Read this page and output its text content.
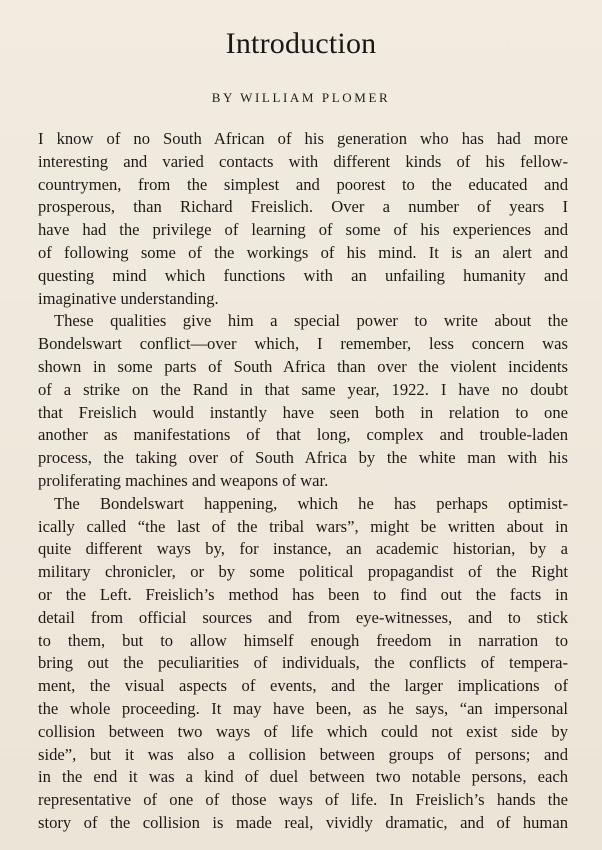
Introduction
BY WILLIAM PLOMER
I know of no South African of his generation who has had more
interesting and varied contacts with different kinds of his fellow-
countrymen, from the simplest and poorest to the educated and
prosperous, than Richard Freislich. Over a number of years I
have had the privilege of learning of some of his experiences and
of following some of the workings of his mind. It is an alert and
questing mind which functions with an unfailing humanity and
imaginative understanding.
These qualities give him a special power to write about the
Bondelswart conflict—over which, I remember, less concern was
shown in some parts of South Africa than over the violent incidents
of a strike on the Rand in that same year, 1922. I have no doubt
that Freislich would instantly have seen both in relation to one
another as manifestations of that long, complex and trouble-laden
process, the taking over of South Africa by the white man with his
proliferating machines and weapons of war.
The Bondelswart happening, which he has perhaps optimist-
ically called “the last of the tribal wars”, might be written about in
quite different ways by, for instance, an academic historian, by a
military chronicler, or by some political propagandist of the Right
or the Left. Freislich’s method has been to find out the facts in
detail from official sources and from eye-witnesses, and to stick
to them, but to allow himself enough freedom in narration to
bring out the peculiarities of individuals, the conflicts of tempera-
ment, the visual aspects of events, and the larger implications of
the whole proceeding. It may have been, as he says, “an impersonal
collision between two ways of life which could not exist side by
side”, but it was also a collision between groups of persons; and
in the end it was a kind of duel between two notable persons, each
representative of one of those ways of life. In Freislich’s hands the
story of the collision is made real, vividly dramatic, and of human
